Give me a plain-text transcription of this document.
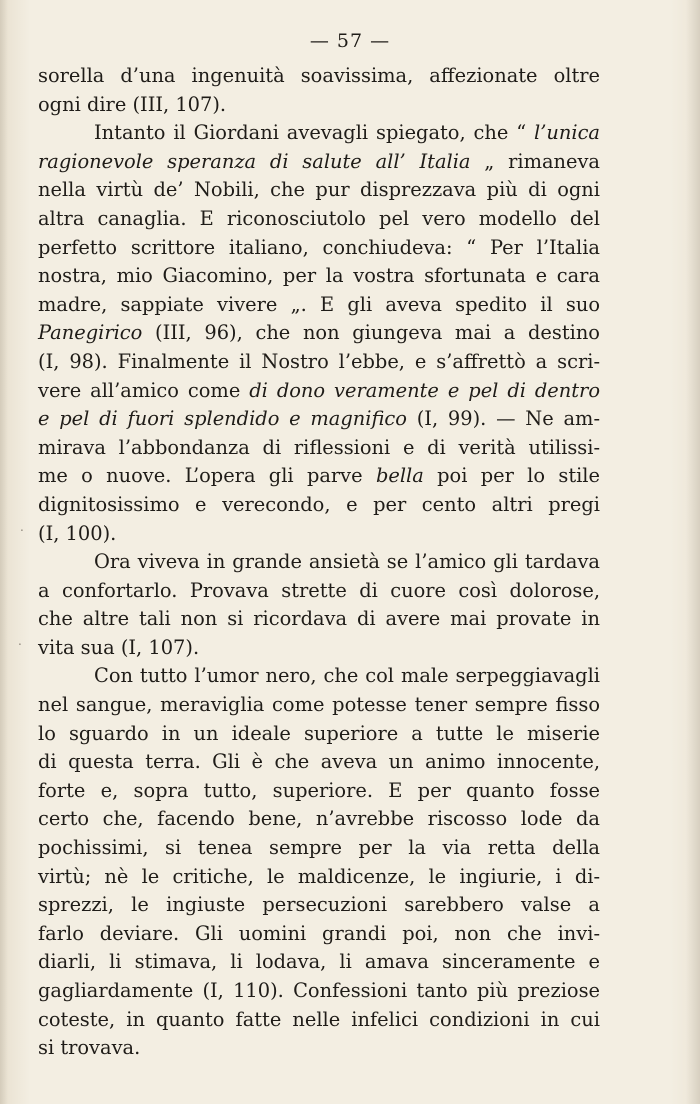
— 57 —
.
.
sorella d’una ingenuità soavissima, affezionate oltre
ogni dire (III, 107).
Intanto il Giordani avevagli spiegato, che “ l’unica
ragionevole speranza di salute all’ Italia „ rimaneva
nella virtù de’ Nobili, che pur disprezzava più di ogni
altra canaglia. E riconosciutolo pel vero modello del
perfetto scrittore italiano, conchiudeva: “ Per l’Italia
nostra, mio Giacomino, per la vostra sfortunata e cara
madre, sappiate vivere „. E gli aveva spedito il suo
Panegirico (III, 96), che non giungeva mai a destino
(I, 98). Finalmente il Nostro l’ebbe, e s’affrettò a scri-
vere all’amico come di dono veramente e pel di dentro
e pel di fuori splendido e magnifico (I, 99). — Ne am-
mirava l’abbondanza di riflessioni e di verità utilissi-
me o nuove. L’opera gli parve bella poi per lo stile
dignitosissimo e verecondo, e per cento altri pregi
(I, 100).
Ora viveva in grande ansietà se l’amico gli tardava
a confortarlo. Provava strette di cuore così dolorose,
che altre tali non si ricordava di avere mai provate in
vita sua (I, 107).
Con tutto l’umor nero, che col male serpeggiavagli
nel sangue, meraviglia come potesse tener sempre fisso
lo sguardo in un ideale superiore a tutte le miserie
di questa terra. Gli è che aveva un animo innocente,
forte e, sopra tutto, superiore. E per quanto fosse
certo che, facendo bene, n’avrebbe riscosso lode da
pochissimi, si tenea sempre per la via retta della
virtù; nè le critiche, le maldicenze, le ingiurie, i di-
sprezzi, le ingiuste persecuzioni sarebbero valse a
farlo deviare. Gli uomini grandi poi, non che invi-
diarli, li stimava, li lodava, li amava sinceramente e
gagliardamente (I, 110). Confessioni tanto più preziose
coteste, in quanto fatte nelle infelici condizioni in cui
si trovava.
